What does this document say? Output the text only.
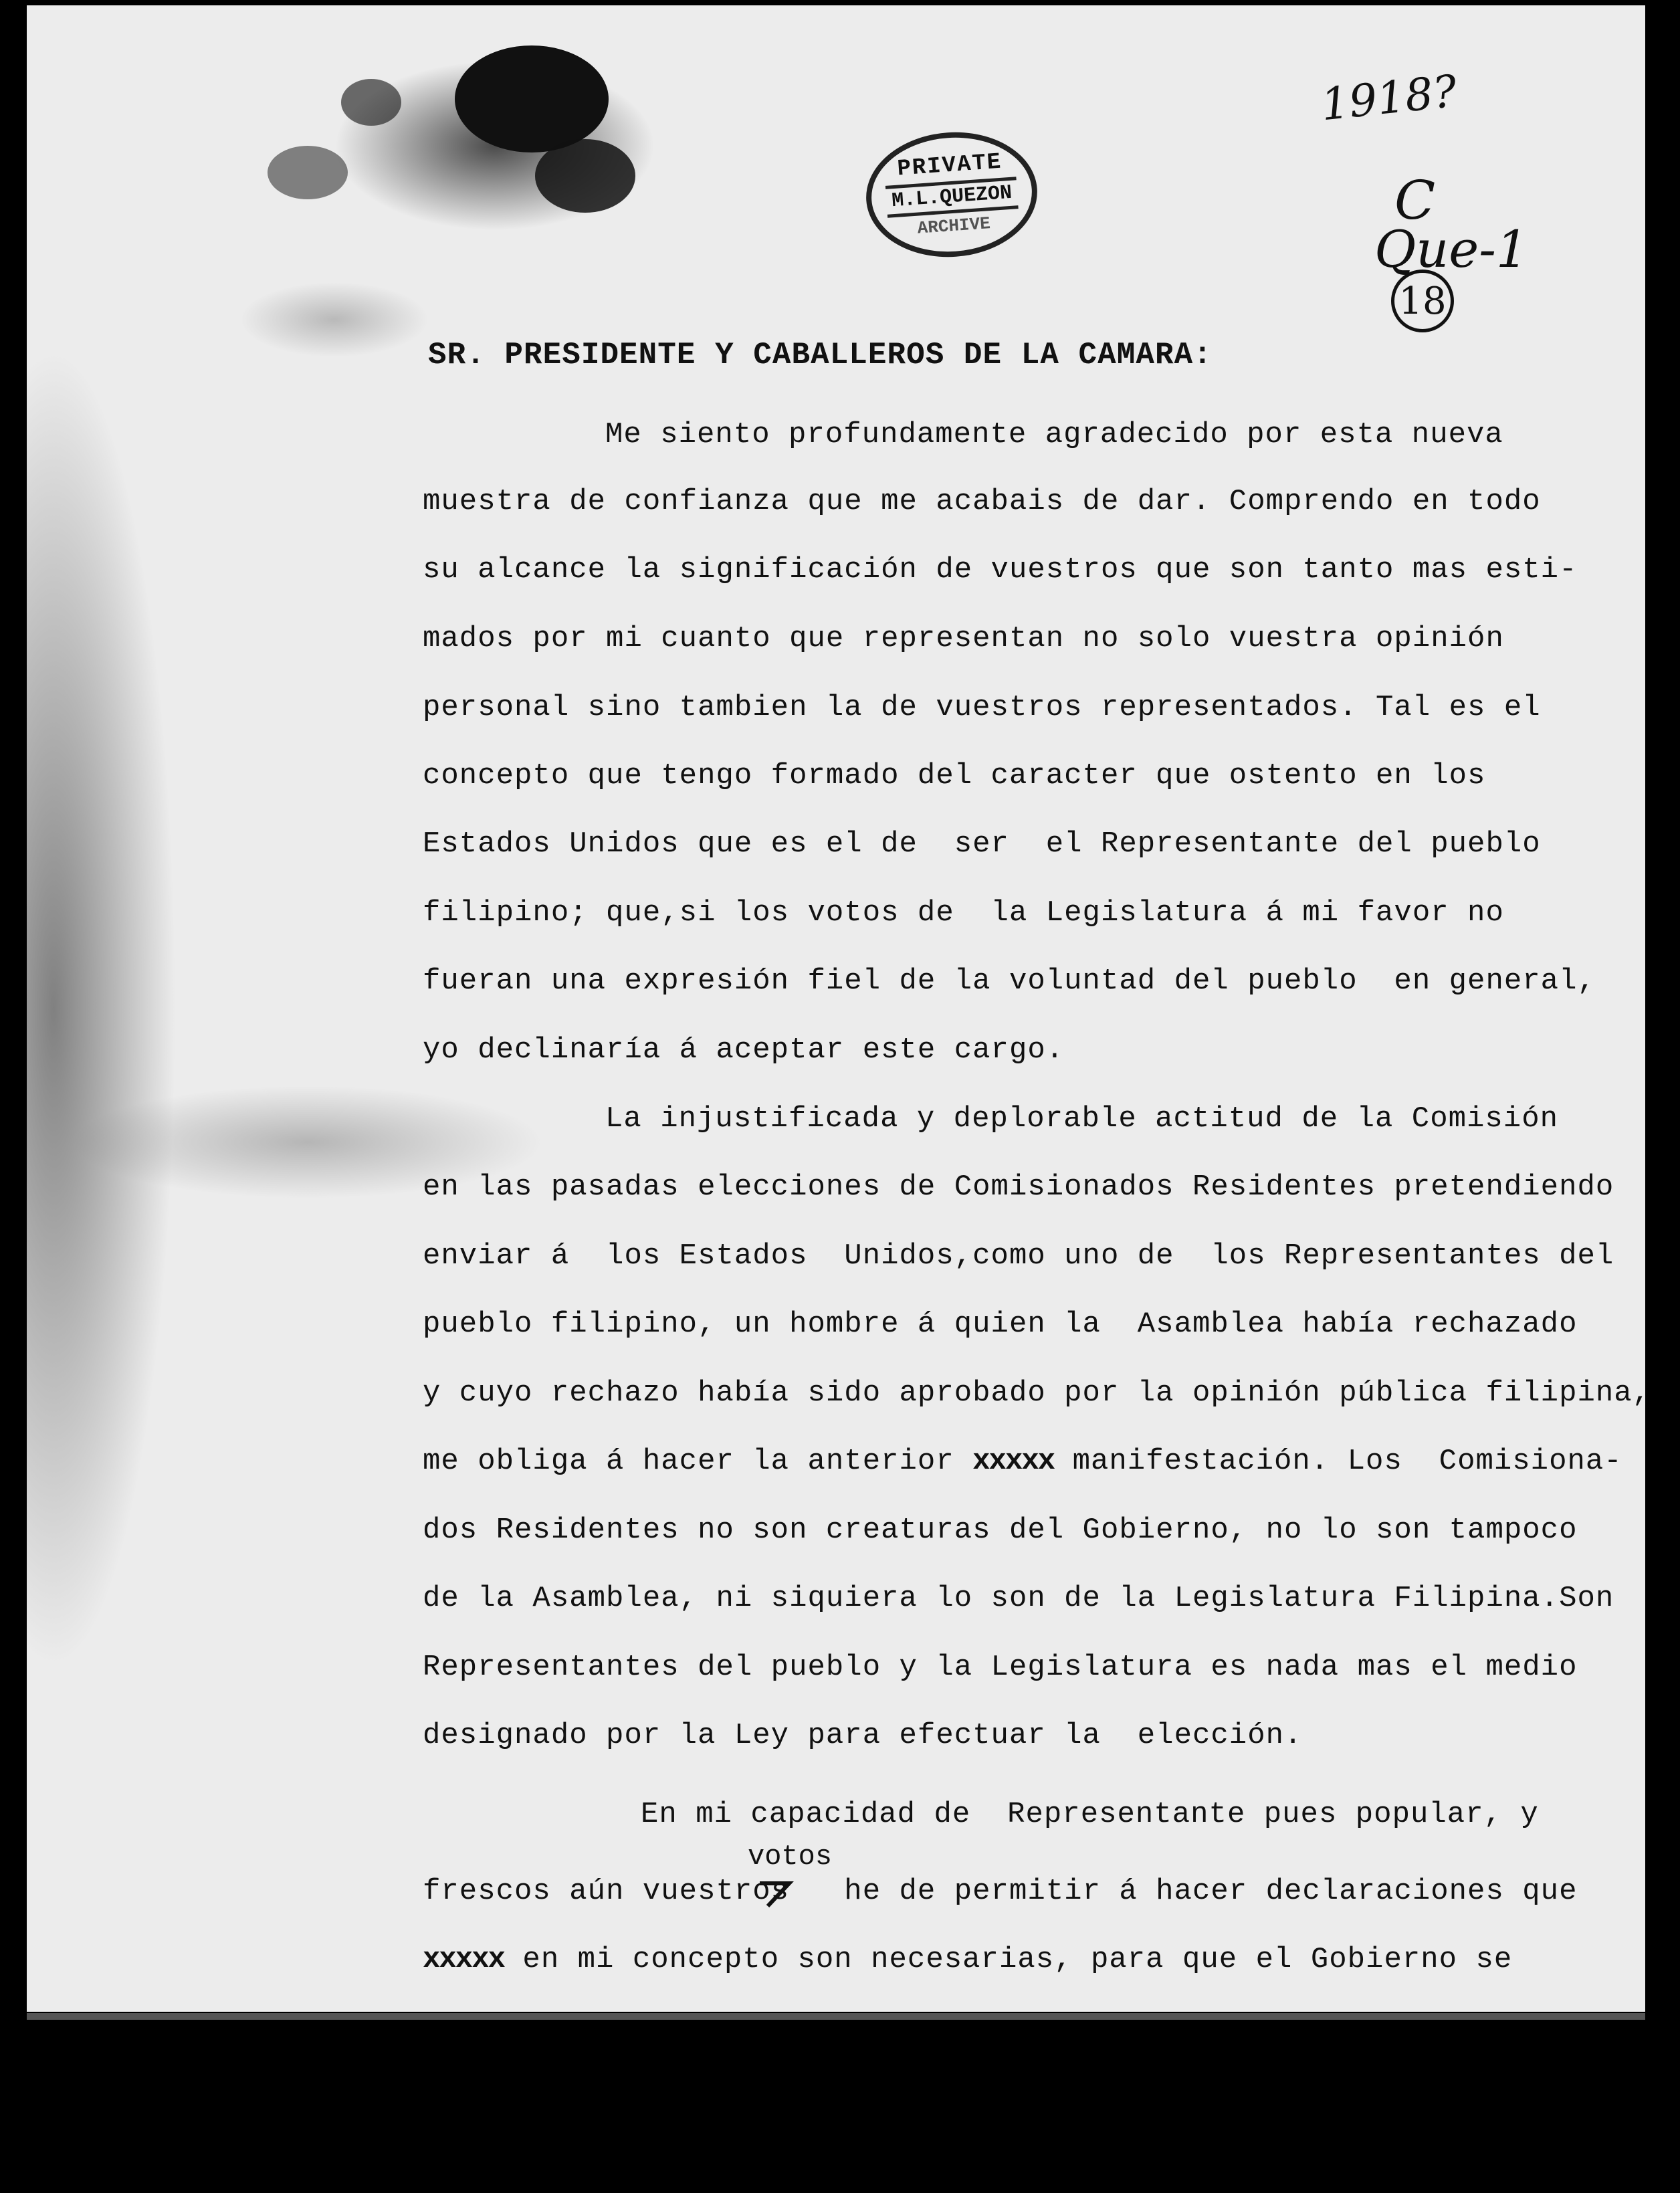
PRIVATE
M.L.QUEZON
ARCHIVE
1918?
C
Que-1
18
SR. PRESIDENTE Y CABALLEROS DE LA CAMARA:
Me siento profundamente agradecido por esta nueva
muestra de confianza que me acabais de dar. Comprendo en todo
su alcance la significación de vuestros que son tanto mas esti-
mados por mi cuanto que representan no solo vuestra opinión
personal sino tambien la de vuestros representados. Tal es el
concepto que tengo formado del caracter que ostento en los
Estados Unidos que es el de  ser  el Representante del pueblo
filipino; que,si los votos de  la Legislatura á mi favor no
fueran una expresión fiel de la voluntad del pueblo  en general,
yo declinaría á aceptar este cargo.
La injustificada y deplorable actitud de la Comisión
en las pasadas elecciones de Comisionados Residentes pretendiendo
enviar á  los Estados  Unidos,como uno de  los Representantes del
pueblo filipino, un hombre á quien la  Asamblea había rechazado
y cuyo rechazo había sido aprobado por la opinión pública filipina,
me obliga á hacer la anterior xxxxx manifestación. Los  Comisiona-
dos Residentes no son creaturas del Gobierno, no lo son tampoco
de la Asamblea, ni siquiera lo son de la Legislatura Filipina.Son
Representantes del pueblo y la Legislatura es nada mas el medio
designado por la Ley para efectuar la  elección.
En mi capacidad de  Representante pues popular, y
votos
frescos aún vuestros   he de permitir á hacer declaraciones que
xxxxx en mi concepto son necesarias, para que el Gobierno se
